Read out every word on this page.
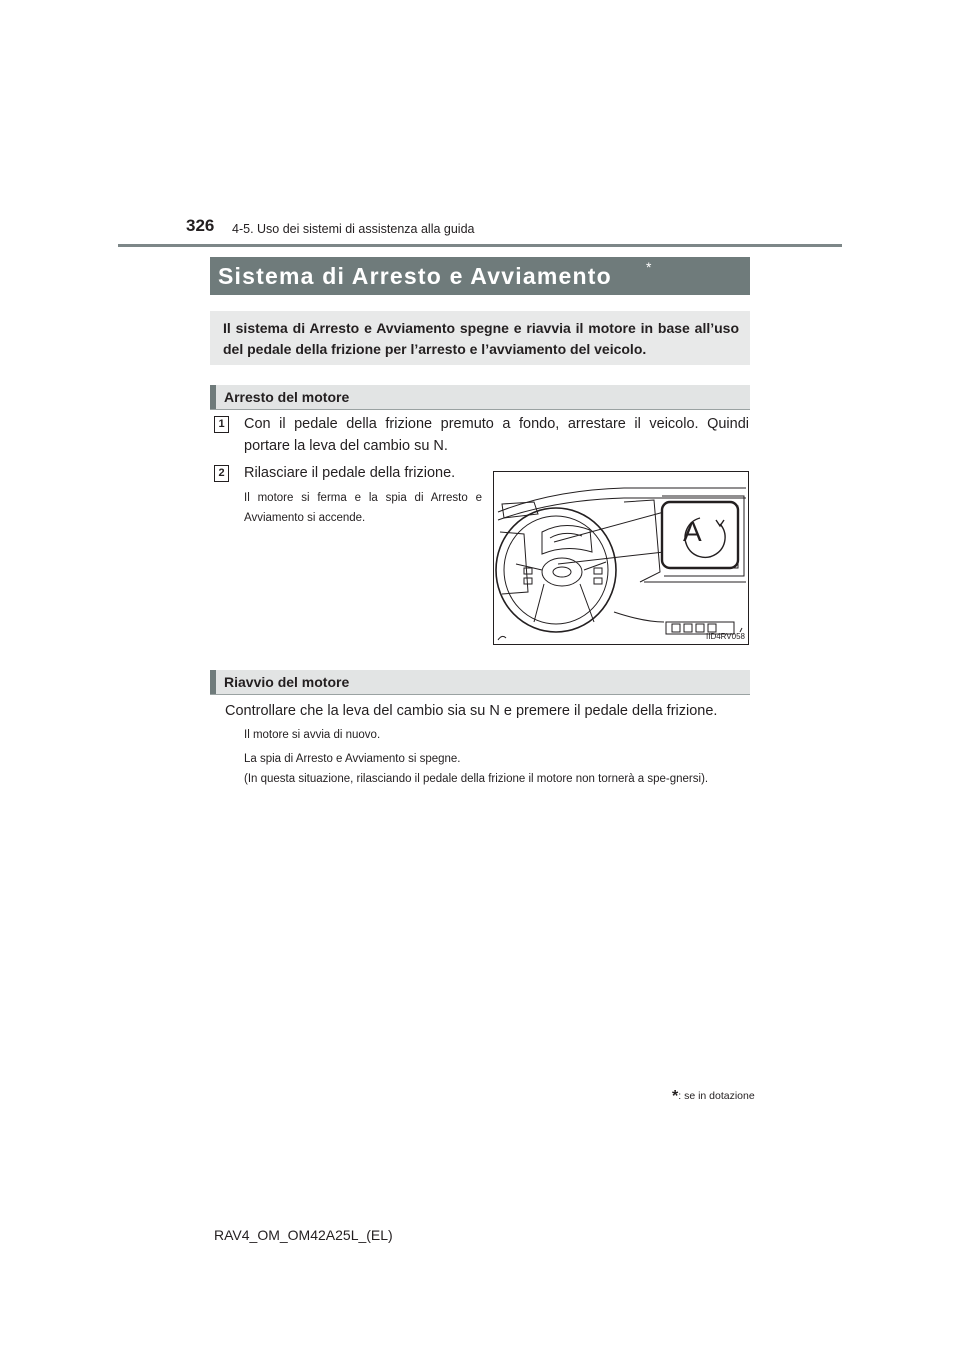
326 4-5. Uso dei sistemi di assistenza alla guida
Sistema di Arresto e Avviamento *
Il sistema di Arresto e Avviamento spegne e riavvia il motore in base all’uso del pedale della frizione per l’arresto e l’avviamento del veicolo.
Arresto del motore
1	Con il pedale della frizione premuto a fondo, arrestare il veicolo. Quindi portare la leva del cambio su N.
2	Rilasciare il pedale della frizione.
Il motore si ferma e la spia di Arresto e Avviamento si accende.	A
IID4RV058
Riavvio del motore
Controllare che la leva del cambio sia su N e premere il pedale della frizione.
Il motore si avvia di nuovo.
La spia di Arresto e Avviamento si spegne.
(In questa situazione, rilasciando il pedale della frizione il motore non tornerà a spe-gnersi).
*: se in dotazione
RAV4_OM_OM42A25L_(EL)
